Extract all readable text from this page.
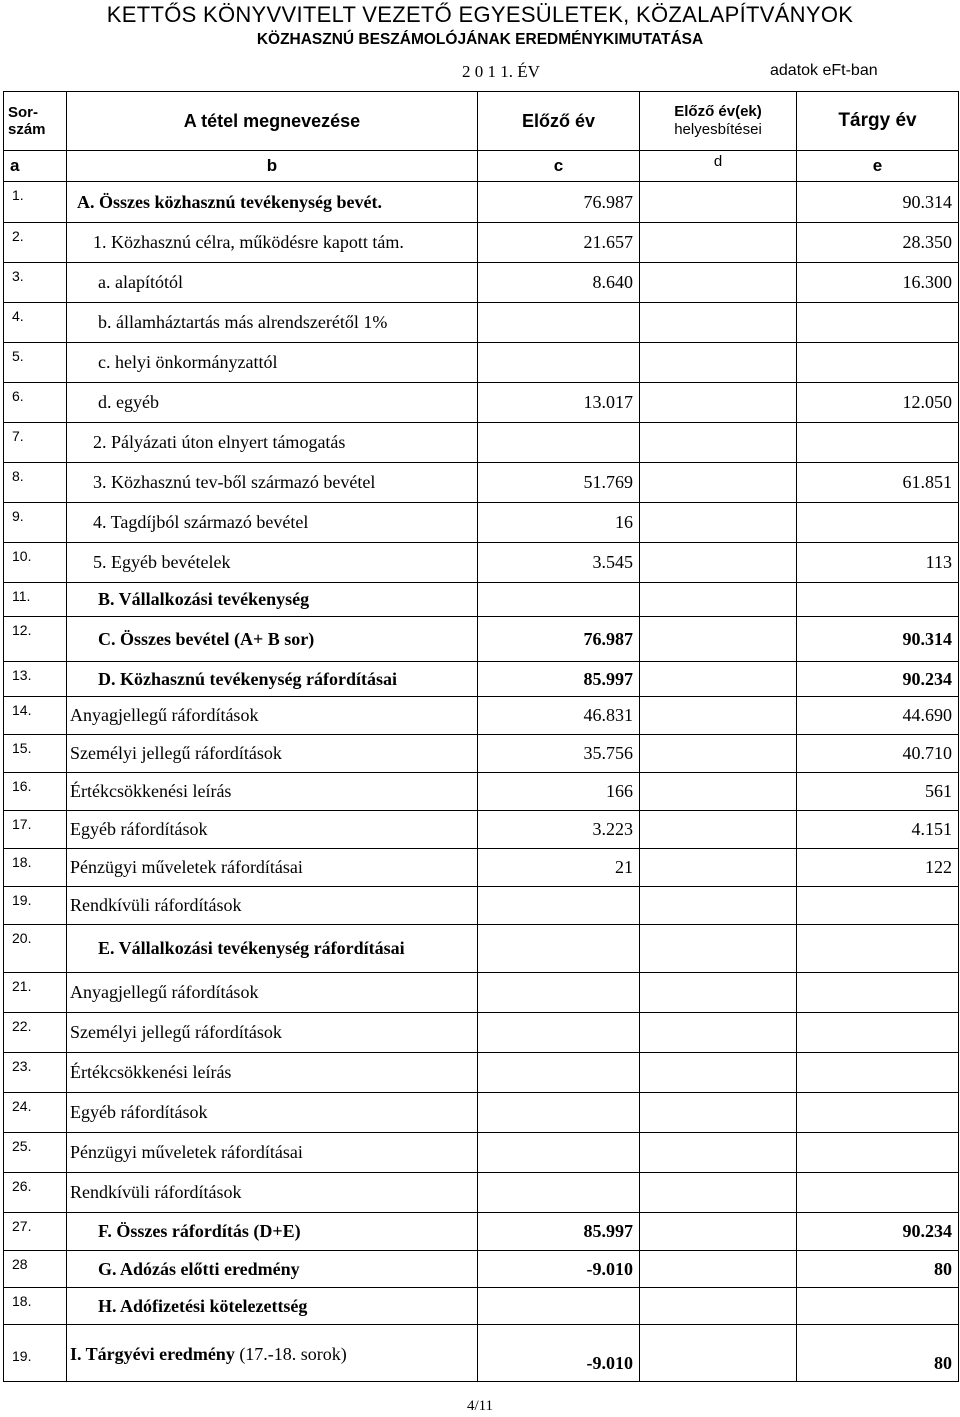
KETTŐS KÖNYVVITELT VEZETŐ EGYESÜLETEK, KÖZALAPÍTVÁNYOK
KÖZHASZNÚ BESZÁMOLÓJÁNAK EREDMÉNYKIMUTATÁSA
2 0 1 1. ÉV	adatok eFt-ban
Sor-
szám	A tétel megnevezése	Előző év	Előző év(ek)
helyesbítései	Tárgy év
a	b	c	d	e
1.	A. Összes közhasznú tevékenység bevét.	76.987		90.314
2.	1. Közhasznú célra, működésre kapott tám.	21.657		28.350
3.	a. alapítótól	8.640		16.300
4.	b. államháztartás más alrendszerétől 1%			
5.	c. helyi önkormányzattól			
6.	d. egyéb	13.017		12.050
7.	2. Pályázati úton elnyert támogatás			
8.	3. Közhasznú tev-ből származó bevétel	51.769		61.851
9.	4. Tagdíjból származó bevétel	16		
10.	5. Egyéb bevételek	3.545		113
11.	B. Vállalkozási tevékenység			
12.	C. Összes bevétel (A+ B sor)	76.987		90.314
13.	D. Közhasznú tevékenység ráfordításai	85.997		90.234
14.	Anyagjellegű ráfordítások	46.831		44.690
15.	Személyi jellegű ráfordítások	35.756		40.710
16.	Értékcsökkenési leírás	166		561
17.	Egyéb ráfordítások	3.223		4.151
18.	Pénzügyi műveletek ráfordításai	21		122
19.	Rendkívüli ráfordítások			
20.	E. Vállalkozási tevékenység ráfordításai			
21.	Anyagjellegű ráfordítások			
22.	Személyi jellegű ráfordítások			
23.	Értékcsökkenési leírás			
24.	Egyéb ráfordítások			
25.	Pénzügyi műveletek ráfordításai			
26.	Rendkívüli ráfordítások			
27.	F. Összes ráfordítás (D+E)	85.997		90.234
28	G. Adózás előtti eredmény	-9.010		80
18.	H. Adófizetési kötelezettség			
19.	I. Tárgyévi eredmény (17.-18. sorok)	-9.010		80
4/11
